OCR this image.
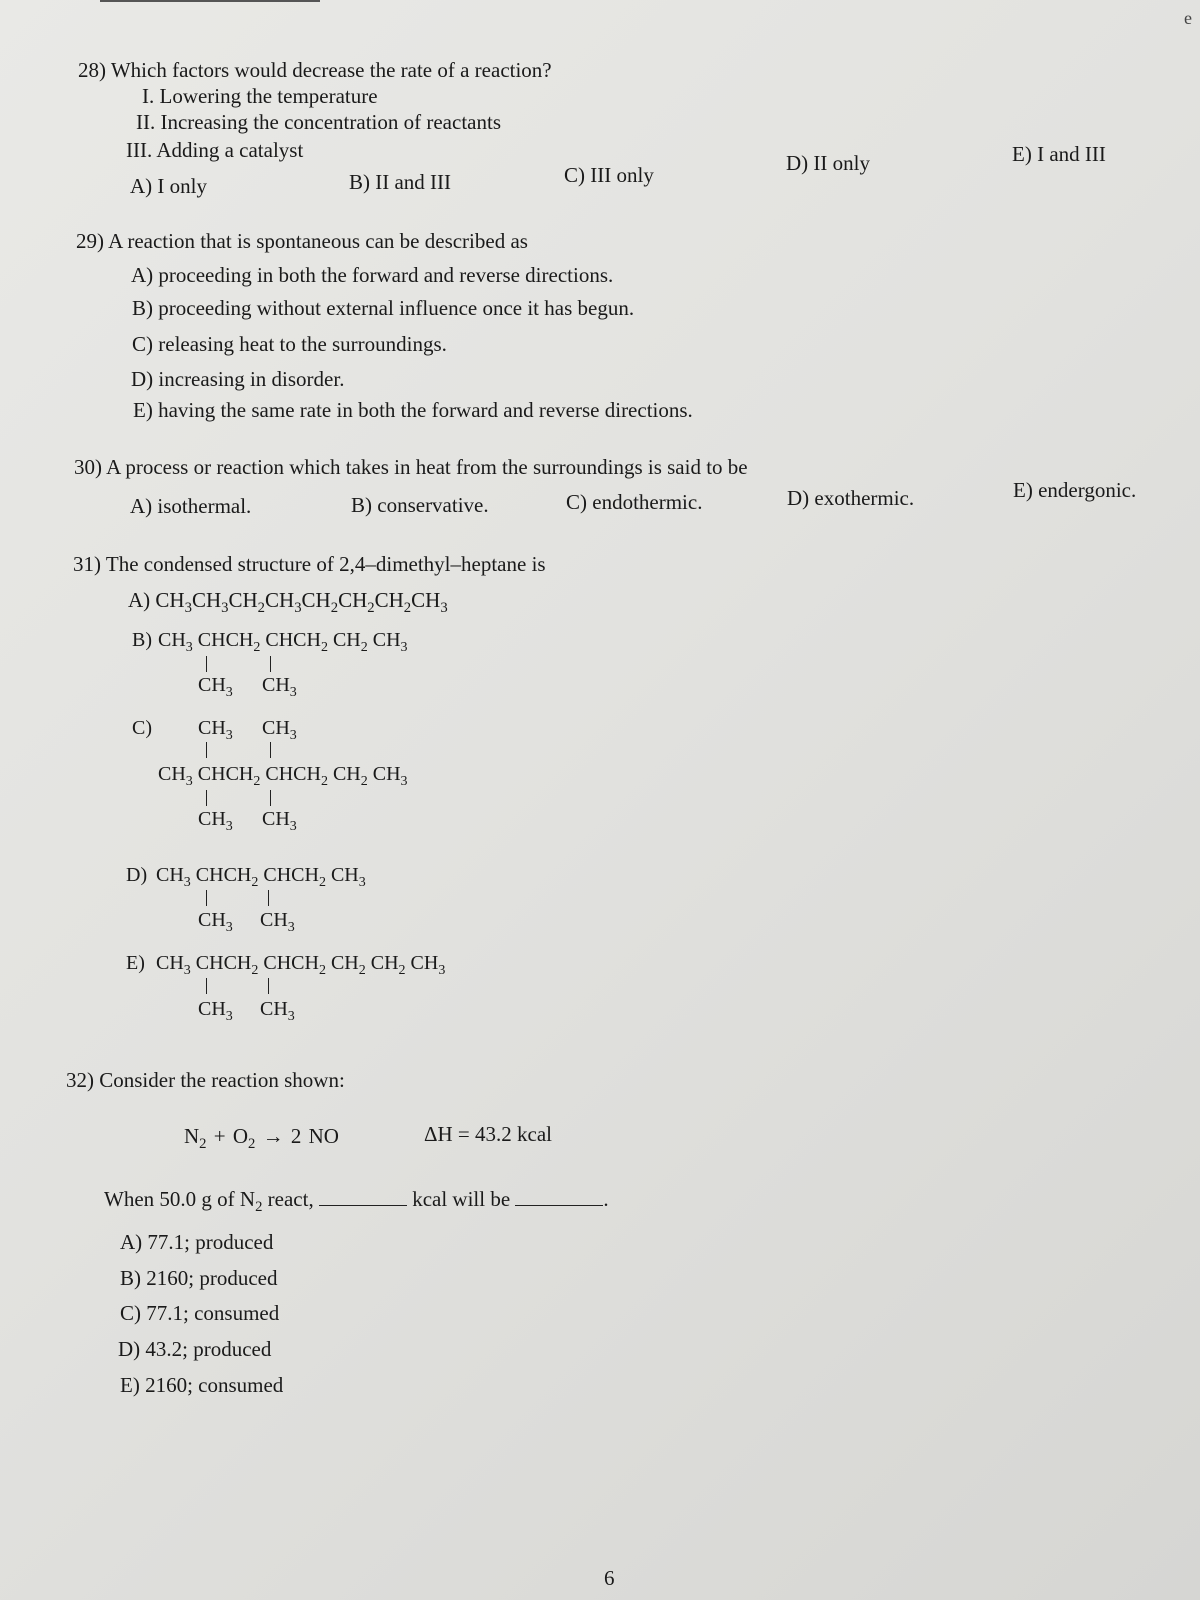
e
28) Which factors would decrease the rate of a reaction?
I. Lowering the temperature
II. Increasing the concentration of reactants
III. Adding a catalyst
A) I only	B) II and III	C) III only	D) II only	E) I and III
29) A reaction that is spontaneous can be described as
A) proceeding in both the forward and reverse directions.
B) proceeding without external influence once it has begun.
C) releasing heat to the surroundings.
D) increasing in disorder.
E) having the same rate in both the forward and reverse directions.
30) A process or reaction which takes in heat from the surroundings is said to be
A) isothermal.	B) conservative.	C) endothermic.	D) exothermic.	E) endergonic.
31) The condensed structure of 2,4–dimethyl–heptane is
A) $CH_3CH_3CH_2CH_3CH_2CH_2CH_2CH_3$
B) $CH_3$ $CHCH_2$ $CHCH_2$ $CH_2$ $CH_3$
$CH_3$ $CH_3$
C) $CH_3$ $CH_3$
$CH_3$ $CHCH_2$ $CHCH_2$ $CH_2$ $CH_3$
$CH_3$ $CH_3$
D) $CH_3$ $CHCH_2$ $CHCH_2$ $CH_3$
$CH_3$ $CH_3$
E) $CH_3$ $CHCH_2$ $CHCH_2$ $CH_2$ $CH_2$ $CH_3$
$CH_3$ $CH_3$
32) Consider the reaction shown:
$N_2 + O_2 \to 2$ NO	ΔH = 43.2 kcal
When 50.0 g of $N_2$ react,	kcal will be	.
A) 77.1; produced
B) 2160; produced
C) 77.1; consumed
D) 43.2; produced
E) 2160; consumed
6
